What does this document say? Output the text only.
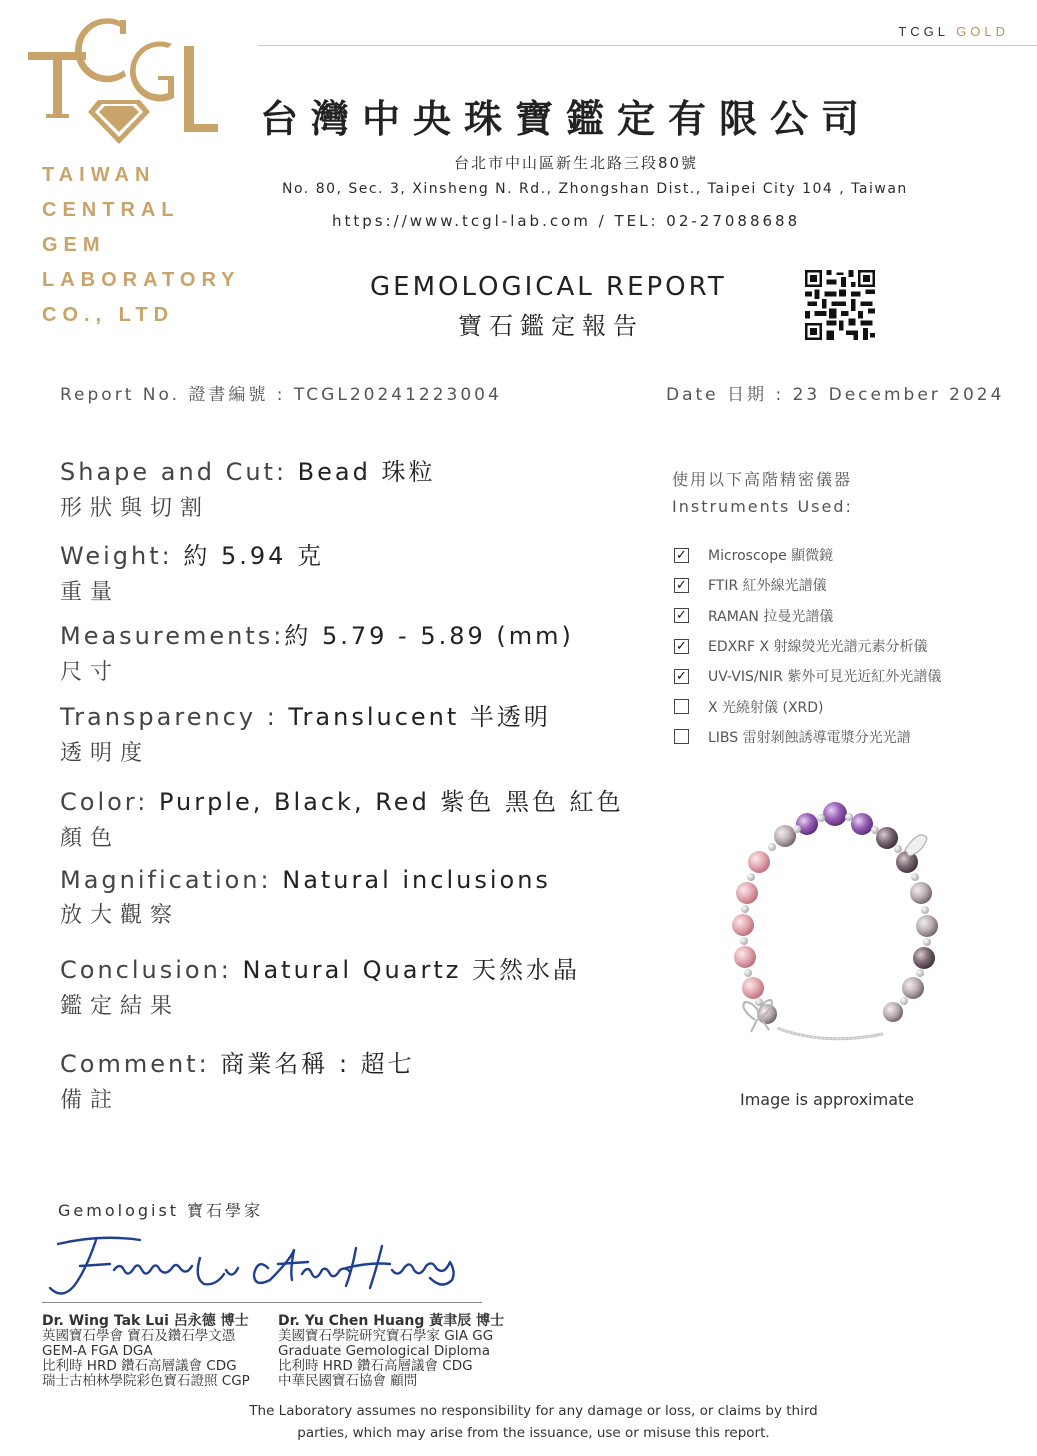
TCGL GOLD
TAIWAN
CENTRAL
GEM
LABORATORY
CO., LTD
台灣中央珠寶鑑定有限公司
台北市中山區新生北路三段80號
No. 80, Sec. 3, Xinsheng N. Rd., Zhongshan Dist., Taipei City 104 , Taiwan
https://www.tcgl-lab.com / TEL: 02-27088688
GEMOLOGICAL REPORT
寶石鑑定報告
Report No. 證書編號 : TCGL20241223004	Date 日期 : 23 December 2024
Shape and Cut: Bead 珠粒
形狀與切割
Weight: 約 5.94 克
重量
Measurements:約 5.79 - 5.89 (mm)
尺寸
Transparency : Translucent 半透明
透明度
Color: Purple, Black, Red 紫色 黑色 紅色
顏色
Magnification: Natural inclusions
放大觀察
Conclusion: Natural Quartz 天然水晶
鑑定結果
Comment: 商業名稱 : 超七
備註
使用以下高階精密儀器
Instruments Used:
✓ Microscope 顯微鏡
✓ FTIR 紅外線光譜儀
✓ RAMAN 拉曼光譜儀
✓ EDXRF X 射線熒光光譜元素分析儀
✓ UV-VIS/NIR 紫外可見光近紅外光譜儀
X 光繞射儀 (XRD)
LIBS 雷射剝蝕誘導電漿分光光譜
Image is approximate
Gemologist 寶石學家
Dr. Wing Tak Lui 呂永德 博士
英國寶石學會 寶石及鑽石學文憑
GEM-A FGA DGA
比利時 HRD 鑽石高層議會 CDG
瑞士古柏林學院彩色寶石證照 CGP
Dr. Yu Chen Huang 黃聿辰 博士
美國寶石學院研究寶石學家 GIA GG
Graduate Gemological Diploma
比利時 HRD 鑽石高層議會 CDG
中華民國寶石協會 顧問
The Laboratory assumes no responsibility for any damage or loss, or claims by third
parties, which may arise from the issuance, use or misuse this report.
